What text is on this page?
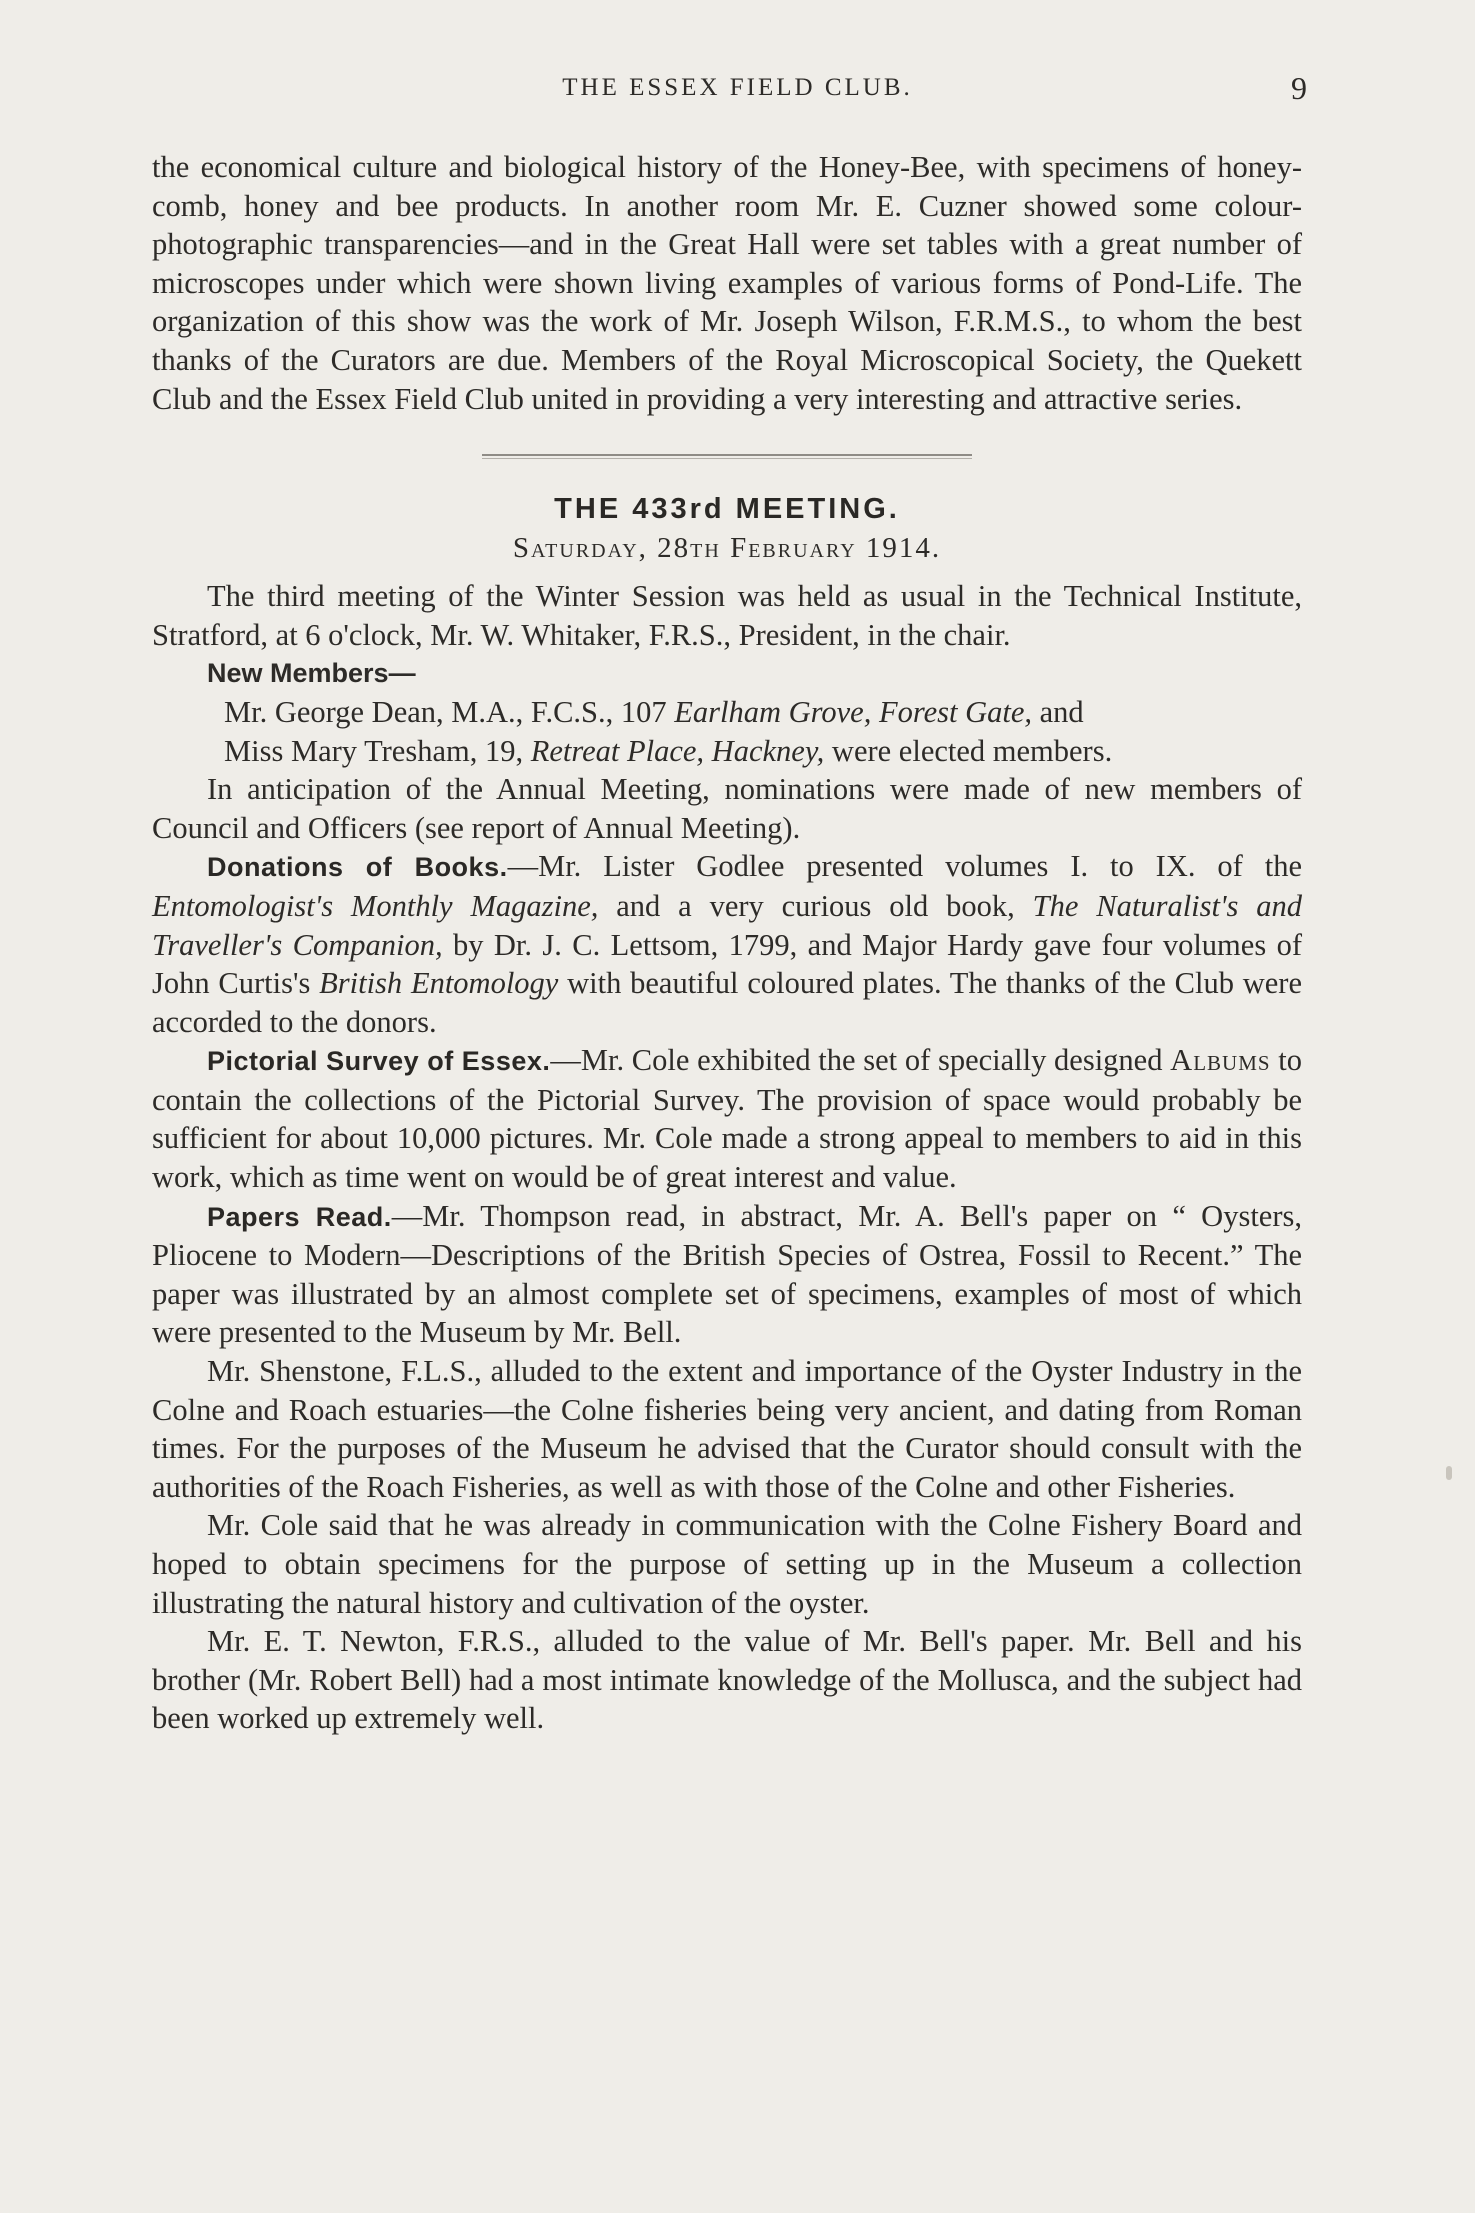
THE ESSEX FIELD CLUB.	9

the economical culture and biological history of the Honey-Bee, with specimens of honey-comb, honey and bee products. In another room Mr. E. Cuzner showed some colour-photographic transparencies—and in the Great Hall were set tables with a great number of microscopes under which were shown living examples of various forms of Pond-Life. The organization of this show was the work of Mr. Joseph Wilson, F.R.M.S., to whom the best thanks of the Curators are due. Members of the Royal Microscopical Society, the Quekett Club and the Essex Field Club united in providing a very interesting and attractive series.

THE 433rd MEETING.
Saturday, 28th February 1914.

The third meeting of the Winter Session was held as usual in the Technical Institute, Stratford, at 6 o'clock, Mr. W. Whitaker, F.R.S., President, in the chair.

New Members—

Mr. George Dean, M.A., F.C.S., 107 Earlham Grove, Forest Gate, and

Miss Mary Tresham, 19, Retreat Place, Hackney, were elected members.

In anticipation of the Annual Meeting, nominations were made of new members of Council and Officers (see report of Annual Meeting).

Donations of Books.—Mr. Lister Godlee presented volumes I. to IX. of the Entomologist's Monthly Magazine, and a very curious old book, The Naturalist's and Traveller's Companion, by Dr. J. C. Lettsom, 1799, and Major Hardy gave four volumes of John Curtis's British Entomology with beautiful coloured plates. The thanks of the Club were accorded to the donors.

Pictorial Survey of Essex.—Mr. Cole exhibited the set of specially designed Albums to contain the collections of the Pictorial Survey. The provision of space would probably be sufficient for about 10,000 pictures. Mr. Cole made a strong appeal to members to aid in this work, which as time went on would be of great interest and value.

Papers Read.—Mr. Thompson read, in abstract, Mr. A. Bell's paper on “ Oysters, Pliocene to Modern—Descriptions of the British Species of Ostrea, Fossil to Recent.” The paper was illustrated by an almost complete set of specimens, examples of most of which were presented to the Museum by Mr. Bell.

Mr. Shenstone, F.L.S., alluded to the extent and importance of the Oyster Industry in the Colne and Roach estuaries—the Colne fisheries being very ancient, and dating from Roman times. For the purposes of the Museum he advised that the Curator should consult with the authorities of the Roach Fisheries, as well as with those of the Colne and other Fisheries.

Mr. Cole said that he was already in communication with the Colne Fishery Board and hoped to obtain specimens for the purpose of setting up in the Museum a collection illustrating the natural history and cultivation of the oyster.

Mr. E. T. Newton, F.R.S., alluded to the value of Mr. Bell's paper. Mr. Bell and his brother (Mr. Robert Bell) had a most intimate knowledge of the Mollusca, and the subject had been worked up extremely well.
